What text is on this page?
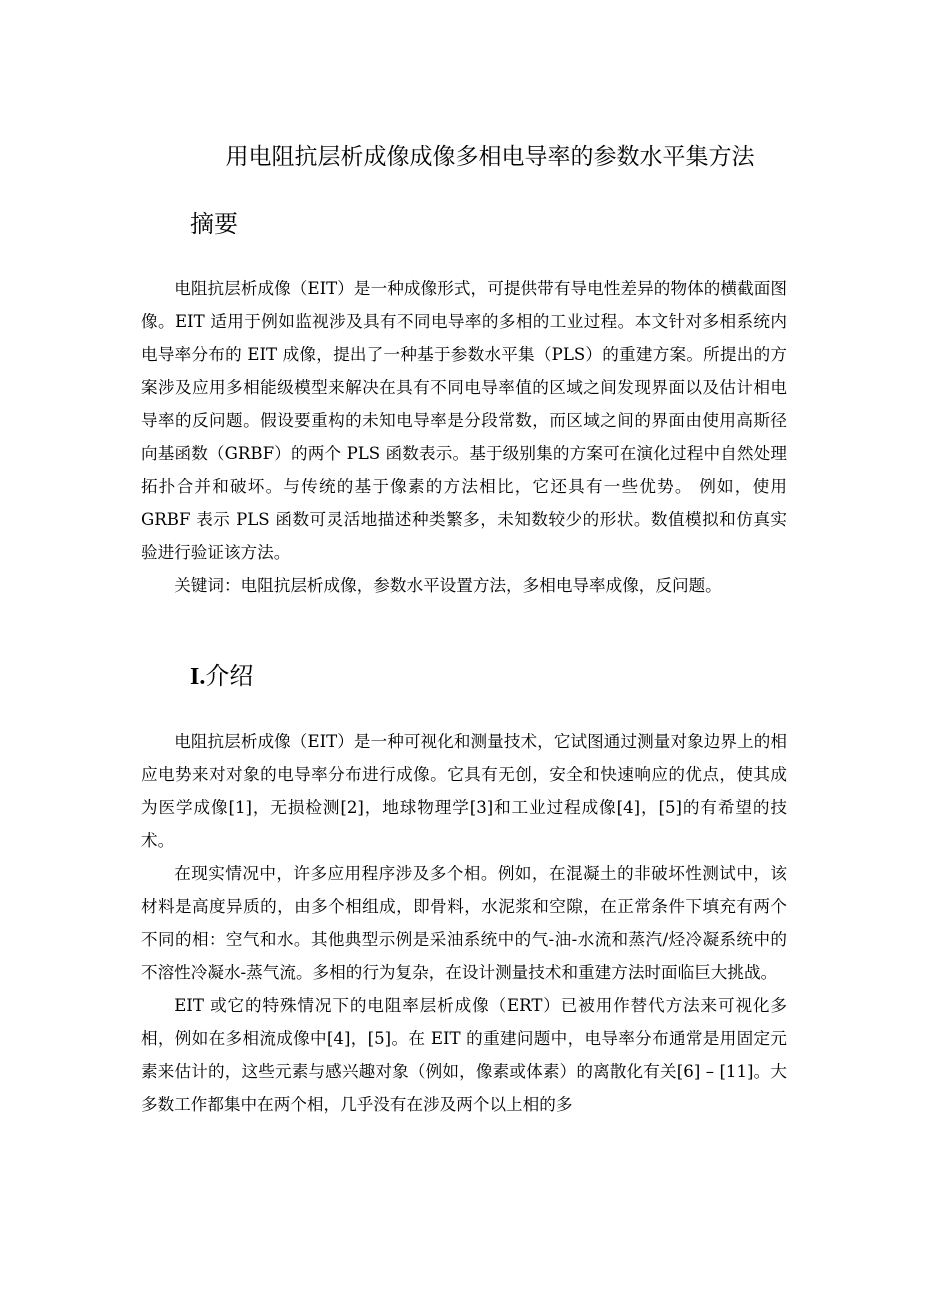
用电阻抗层析成像成像多相电导率的参数水平集方法
摘要

电阻抗层析成像（EIT）是一种成像形式，可提供带有导电性差异的物体的横截面图像。EIT 适用于例如监视涉及具有不同电导率的多相的工业过程。本文针对多相系统内电导率分布的 EIT 成像，提出了一种基于参数水平集（PLS）的重建方案。所提出的方案涉及应用多相能级模型来解决在具有不同电导率值的区域之间发现界面以及估计相电导率的反问题。假设要重构的未知电导率是分段常数，而区域之间的界面由使用高斯径向基函数（GRBF）的两个 PLS 函数表示。基于级别集的方案可在演化过程中自然处理拓扑合并和破坏。与传统的基于像素的方法相比，它还具有一些优势。 例如，使用 GRBF 表示 PLS 函数可灵活地描述种类繁多，未知数较少的形状。数值模拟和仿真实验进行验证该方法。

关键词：电阻抗层析成像，参数水平设置方法，多相电导率成像，反问题。

I.介绍

电阻抗层析成像（EIT）是一种可视化和测量技术，它试图通过测量对象边界上的相应电势来对对象的电导率分布进行成像。它具有无创，安全和快速响应的优点，使其成为医学成像[1]，无损检测[2]，地球物理学[3]和工业过程成像[4]，[5]的有希望的技术。

在现实情况中，许多应用程序涉及多个相。例如，在混凝土的非破坏性测试中，该材料是高度异质的，由多个相组成，即骨料，水泥浆和空隙，在正常条件下填充有两个不同的相：空气和水。其他典型示例是采油系统中的气-油-水流和蒸汽/烃冷凝系统中的不溶性冷凝水-蒸气流。多相的行为复杂，在设计测量技术和重建方法时面临巨大挑战。

EIT 或它的特殊情况下的电阻率层析成像（ERT）已被用作替代方法来可视化多相，例如在多相流成像中[4]，[5]。在 EIT 的重建问题中，电导率分布通常是用固定元素来估计的，这些元素与感兴趣对象（例如，像素或体素）的离散化有关[6] – [11]。大多数工作都集中在两个相，几乎没有在涉及两个以上相的多
